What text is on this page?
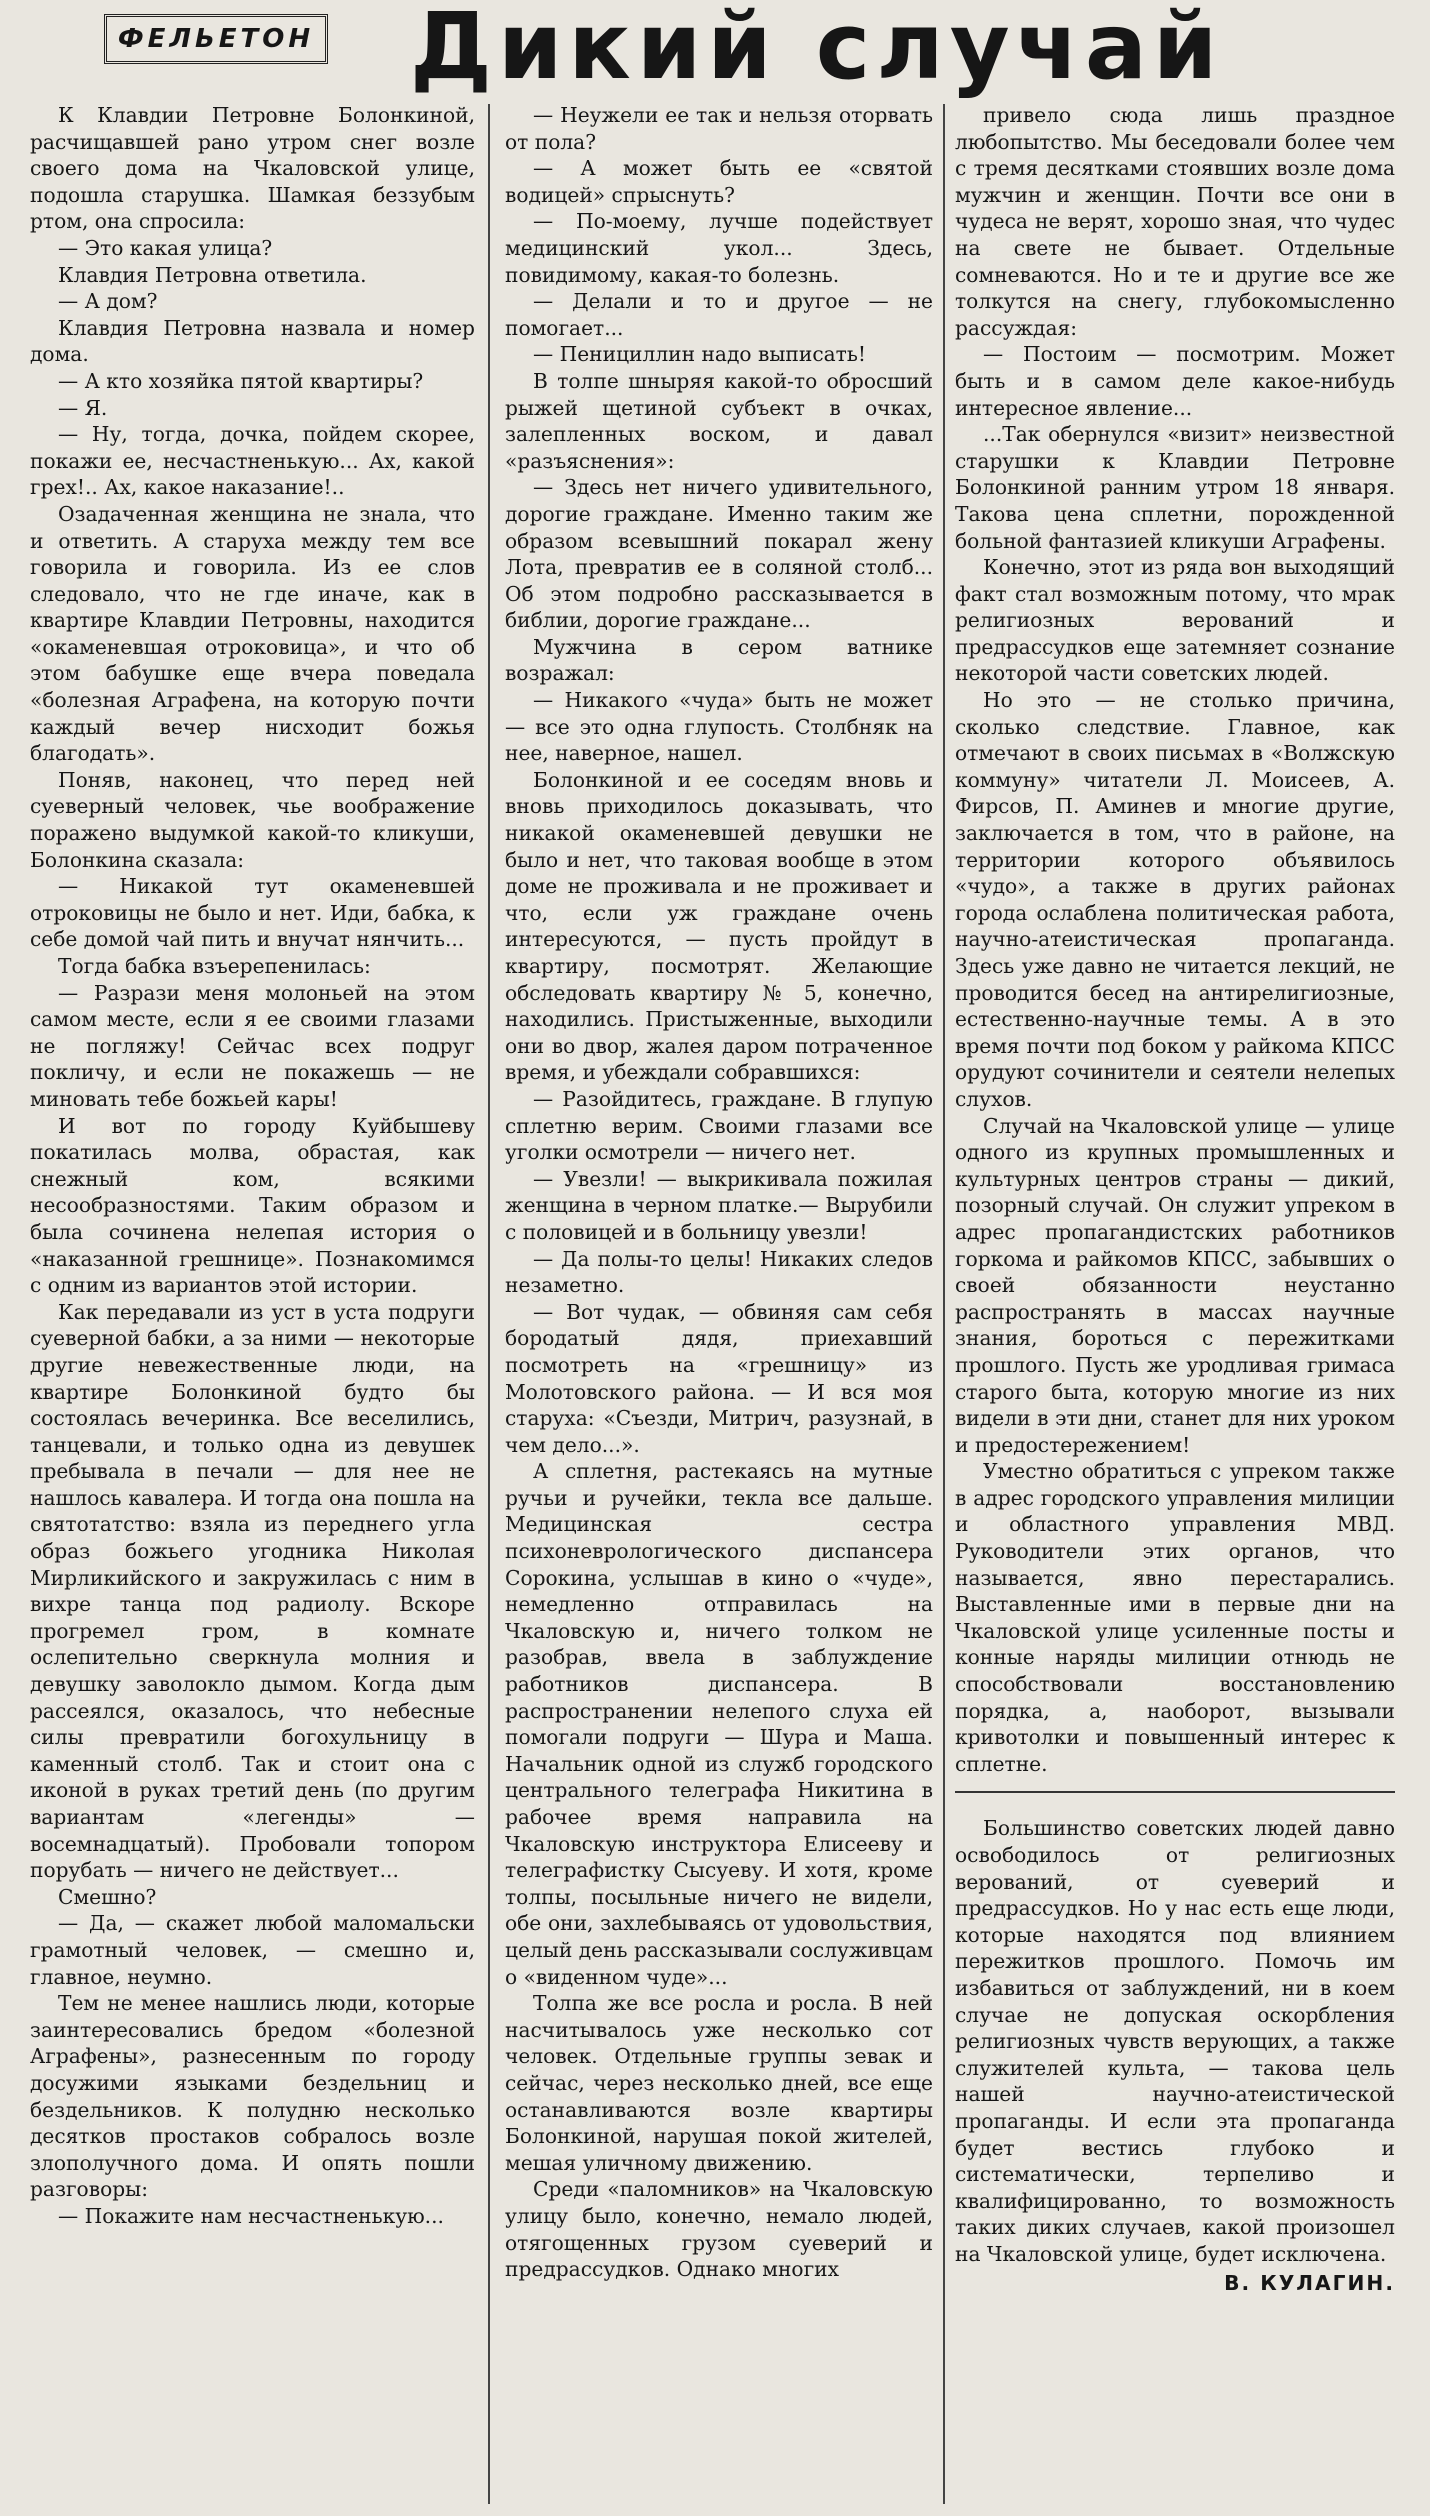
ФЕЛЬЕТОН Дикий случай

К Клавдии Петровне Болонкиной, расчищавшей рано утром снег возле своего дома на Чкаловской улице, подошла старушка. Шамкая беззубым ртом, она спросила:

— Это какая улица?

Клавдия Петровна ответила.

— А дом?

Клавдия Петровна назвала и номер дома.

— А кто хозяйка пятой квартиры?

— Я.

— Ну, тогда, дочка, пойдем скорее, покажи ее, несчастненькую... Ах, какой грех!.. Ах, какое наказание!..

Озадаченная женщина не знала, что и ответить. А старуха между тем все говорила и говорила. Из ее слов следовало, что не где иначе, как в квартире Клавдии Петровны, находится «окаменевшая отроковица», и что об этом бабушке еще вчера поведала «болезная Аграфена, на которую почти каждый вечер нисходит божья благодать».

Поняв, наконец, что перед ней суеверный человек, чье воображение поражено выдумкой какой-то кликуши, Болонкина сказала:

— Никакой тут окаменевшей отроковицы не было и нет. Иди, бабка, к себе домой чай пить и внучат нянчить...

Тогда бабка взъерепенилась:

— Разрази меня молоньей на этом самом месте, если я ее своими глазами не погляжу! Сейчас всех подруг покличу, и если не покажешь — не миновать тебе божьей кары!

И вот по городу Куйбышеву покатилась молва, обрастая, как снежный ком, всякими несообразностями. Таким образом и была сочинена нелепая история о «наказанной грешнице». Познакомимся с одним из вариантов этой истории.

Как передавали из уст в уста подруги суеверной бабки, а за ними — некоторые другие невежественные люди, на квартире Болонкиной будто бы состоялась вечеринка. Все веселились, танцевали, и только одна из девушек пребывала в печали — для нее не нашлось кавалера. И тогда она пошла на святотатство: взяла из переднего угла образ божьего угодника Николая Мирликийского и закружилась с ним в вихре танца под радиолу. Вскоре прогремел гром, в комнате ослепительно сверкнула молния и девушку заволокло дымом. Когда дым рассеялся, оказалось, что небесные силы превратили богохульницу в каменный столб. Так и стоит она с иконой в руках третий день (по другим вариантам «легенды» — восемнадцатый). Пробовали топором порубать — ничего не действует...

Смешно?

— Да, — скажет любой маломальски грамотный человек, — смешно и, главное, неумно.

Тем не менее нашлись люди, которые заинтересовались бредом «болезной Аграфены», разнесенным по городу досужими языками бездельниц и бездельников. К полудню несколько десятков простаков собралось возле злополучного дома. И опять пошли разговоры:

— Покажите нам несчастненькую...

— Неужели ее так и нельзя оторвать от пола?

— А может быть ее «святой водицей» спрыснуть?

— По-моему, лучше подействует медицинский укол... Здесь, повидимому, какая-то болезнь.

— Делали и то и другое — не помогает...

— Пенициллин надо выписать!

В толпе шныряя какой-то обросший рыжей щетиной субъект в очках, залепленных воском, и давал «разъяснения»:

— Здесь нет ничего удивительного, дорогие граждане. Именно таким же образом всевышний покарал жену Лота, превратив ее в соляной столб... Об этом подробно рассказывается в библии, дорогие граждане...

Мужчина в сером ватнике возражал:

— Никакого «чуда» быть не может — все это одна глупость. Столбняк на нее, наверное, нашел.

Болонкиной и ее соседям вновь и вновь приходилось доказывать, что никакой окаменевшей девушки не было и нет, что таковая вообще в этом доме не проживала и не проживает и что, если уж граждане очень интересуются, — пусть пройдут в квартиру, посмотрят. Желающие обследовать квартиру № 5, конечно, находились. Пристыженные, выходили они во двор, жалея даром потраченное время, и убеждали собравшихся:

— Разойдитесь, граждане. В глупую сплетню верим. Своими глазами все уголки осмотрели — ничего нет.

— Увезли! — выкрикивала пожилая женщина в черном платке.— Вырубили с половицей и в больницу увезли!

— Да полы-то целы! Никаких следов незаметно.

— Вот чудак, — обвиняя сам себя бородатый дядя, приехавший посмотреть на «грешницу» из Молотовского района. — И вся моя старуха: «Съезди, Митрич, разузнай, в чем дело...».

А сплетня, растекаясь на мутные ручьи и ручейки, текла все дальше. Медицинская сестра психоневрологического диспансера Сорокина, услышав в кино о «чуде», немедленно отправилась на Чкаловскую и, ничего толком не разобрав, ввела в заблуждение работников диспансера. В распространении нелепого слуха ей помогали подруги — Шура и Маша. Начальник одной из служб городского центрального телеграфа Никитина в рабочее время направила на Чкаловскую инструктора Елисееву и телеграфистку Сысуеву. И хотя, кроме толпы, посыльные ничего не видели, обе они, захлебываясь от удовольствия, целый день рассказывали сослуживцам о «виденном чуде»...

Толпа же все росла и росла. В ней насчитывалось уже несколько сот человек. Отдельные группы зевак и сейчас, через несколько дней, все еще останавливаются возле квартиры Болонкиной, нарушая покой жителей, мешая уличному движению.

Среди «паломников» на Чкаловскую улицу было, конечно, немало людей, отягощенных грузом суеверий и предрассудков. Однако многих

привело сюда лишь праздное любопытство. Мы беседовали более чем с тремя десятками стоявших возле дома мужчин и женщин. Почти все они в чудеса не верят, хорошо зная, что чудес на свете не бывает. Отдельные сомневаются. Но и те и другие все же толкутся на снегу, глубокомысленно рассуждая:

— Постоим — посмотрим. Может быть и в самом деле какое-нибудь интересное явление...

...Так обернулся «визит» неизвестной старушки к Клавдии Петровне Болонкиной ранним утром 18 января. Такова цена сплетни, порожденной больной фантазией кликуши Аграфены.

Конечно, этот из ряда вон выходящий факт стал возможным потому, что мрак религиозных верований и предрассудков еще затемняет сознание некоторой части советских людей.

Но это — не столько причина, сколько следствие. Главное, как отмечают в своих письмах в «Волжскую коммуну» читатели Л. Моисеев, А. Фирсов, П. Аминев и многие другие, заключается в том, что в районе, на территории которого объявилось «чудо», а также в других районах города ослаблена политическая работа, научно-атеистическая пропаганда. Здесь уже давно не читается лекций, не проводится бесед на антирелигиозные, естественно-научные темы. А в это время почти под боком у райкома КПСС орудуют сочинители и сеятели нелепых слухов.

Случай на Чкаловской улице — улице одного из крупных промышленных и культурных центров страны — дикий, позорный случай. Он служит упреком в адрес пропагандистских работников горкома и райкомов КПСС, забывших о своей обязанности неустанно распространять в массах научные знания, бороться с пережитками прошлого. Пусть же уродливая гримаса старого быта, которую многие из них видели в эти дни, станет для них уроком и предостережением!

Уместно обратиться с упреком также в адрес городского управления милиции и областного управления МВД. Руководители этих органов, что называется, явно перестарались. Выставленные ими в первые дни на Чкаловской улице усиленные посты и конные наряды милиции отнюдь не способствовали восстановлению порядка, а, наоборот, вызывали кривотолки и повышенный интерес к сплетне.

Большинство советских людей давно освободилось от религиозных верований, от суеверий и предрассудков. Но у нас есть еще люди, которые находятся под влиянием пережитков прошлого. Помочь им избавиться от заблуждений, ни в коем случае не допуская оскорбления религиозных чувств верующих, а также служителей культа, — такова цель нашей научно-атеистической пропаганды. И если эта пропаганда будет вестись глубоко и систематически, терпеливо и квалифицированно, то возможность таких диких случаев, какой произошел на Чкаловской улице, будет исключена.

В. КУЛАГИН.
